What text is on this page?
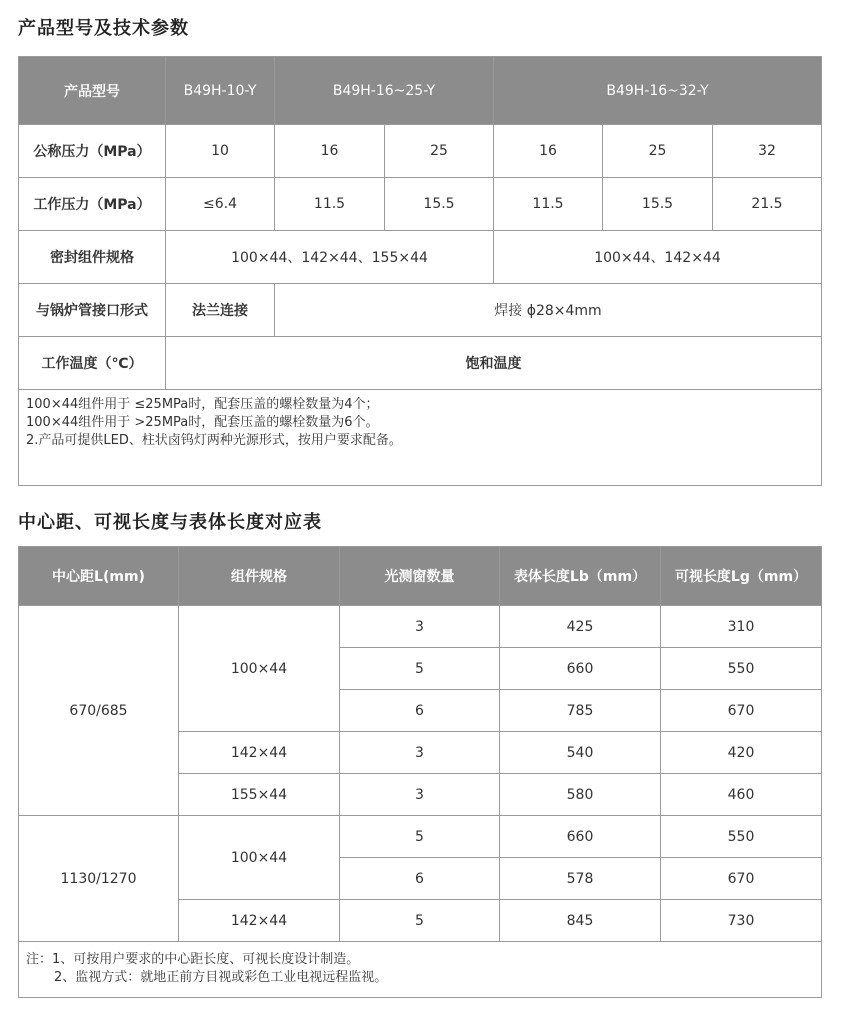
产品型号及技术参数
产品型号	B49H-10-Y	B49H-16~25-Y		B49H-16~32-Y		
公称压力（MPa）	10	16	25	16	25	32
工作压力（MPa）	≤6.4	11.5	15.5	11.5	15.5	21.5
密封组件规格	100×44、142×44、155×44			100×44、142×44		
与锅炉管接口形式	法兰连接	焊接 ϕ28×4mm				
工作温度（℃）	饱和温度					

100×44组件用于 ≤25MPa时，配套压盖的螺栓数量为4个；
100×44组件用于 >25MPa时，配套压盖的螺栓数量为6个。
2.产品可提供LED、柱状卤钨灯两种光源形式，按用户要求配备。						
中心距、可视长度与表体长度对应表
中心距L(mm)	组件规格	光测窗数量	表体长度Lb（mm）	可视长度Lg（mm）
670/685	100×44	3	425	310
		5	660	550
		6	785	670
	142×44	3	540	420
	155×44	3	580	460
1130/1270	100×44	5	660	550
		6	578	670
	142×44	5	845	730

注：1、可按用户要求的中心距长度、可视长度设计制造。
2、监视方式：就地正前方目视或彩色工业电视远程监视。				
